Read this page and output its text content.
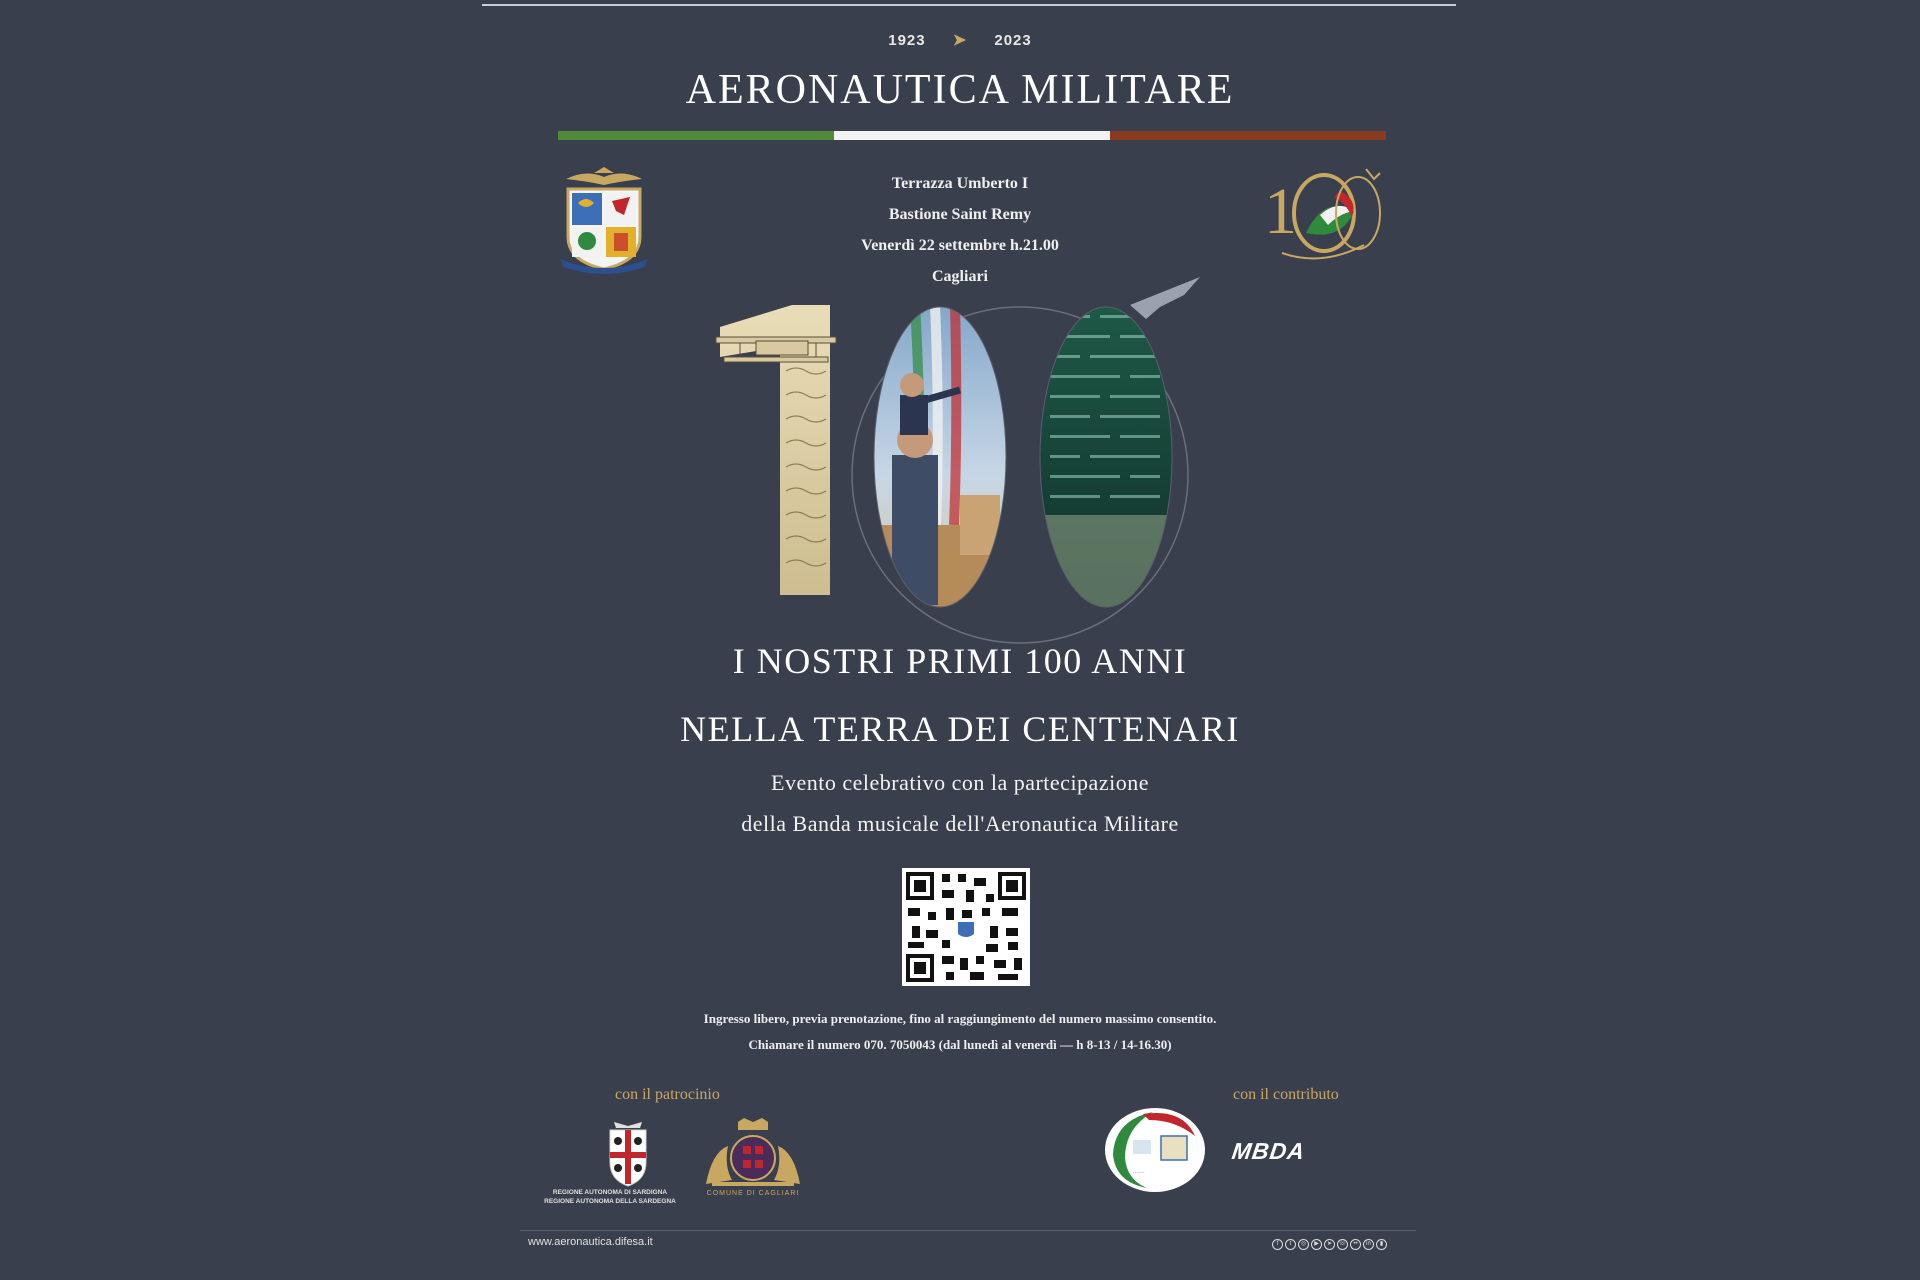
1923 ➤ 2023
AERONAUTICA MILITARE
1
Terrazza Umberto I
Bastione Saint Remy
Venerdì 22 settembre h.21.00
Cagliari
I NOSTRI PRIMI 100 ANNI
NELLA TERRA DEI CENTENARI
Evento celebrativo con la partecipazione
della Banda musicale dell'Aeronautica Militare
Ingresso libero, previa prenotazione, fino al raggiungimento del numero massimo consentito.
Chiamare il numero 070. 7050043 (dal lunedì al venerdì — h 8-13 / 14-16.30)
con il patrocinio	con il contributo
REGIONE AUTONOMA DI SARDIGNA
REGIONE AUTONOMA DELLA SARDEGNA
COMUNE DI CAGLIARI
·······
MBDA
www.aeronautica.difesa.it	f	t	◎	▶	➤	☏	••	in	▮
